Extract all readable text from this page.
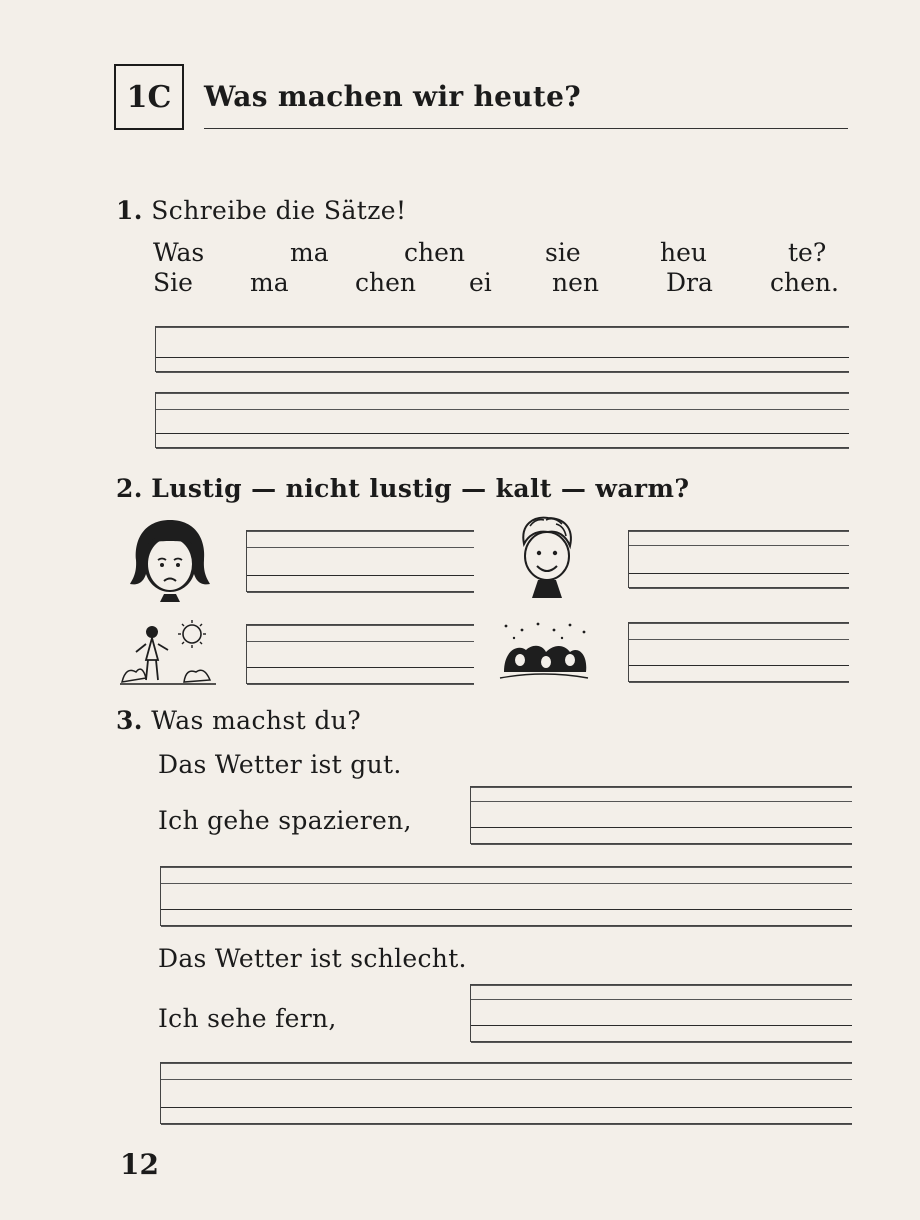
1C Was machen wir heute?
1. Schreibe die Sätze!
Was	ma	chen	sie	heu	te?
Sie ma	chen ei nen	Dra chen.
2. Lustig — nicht lustig — kalt — warm?
3. Was machst du?
Das Wetter ist gut.
Ich gehe spazieren,
Das Wetter ist schlecht.
Ich sehe fern,
12
